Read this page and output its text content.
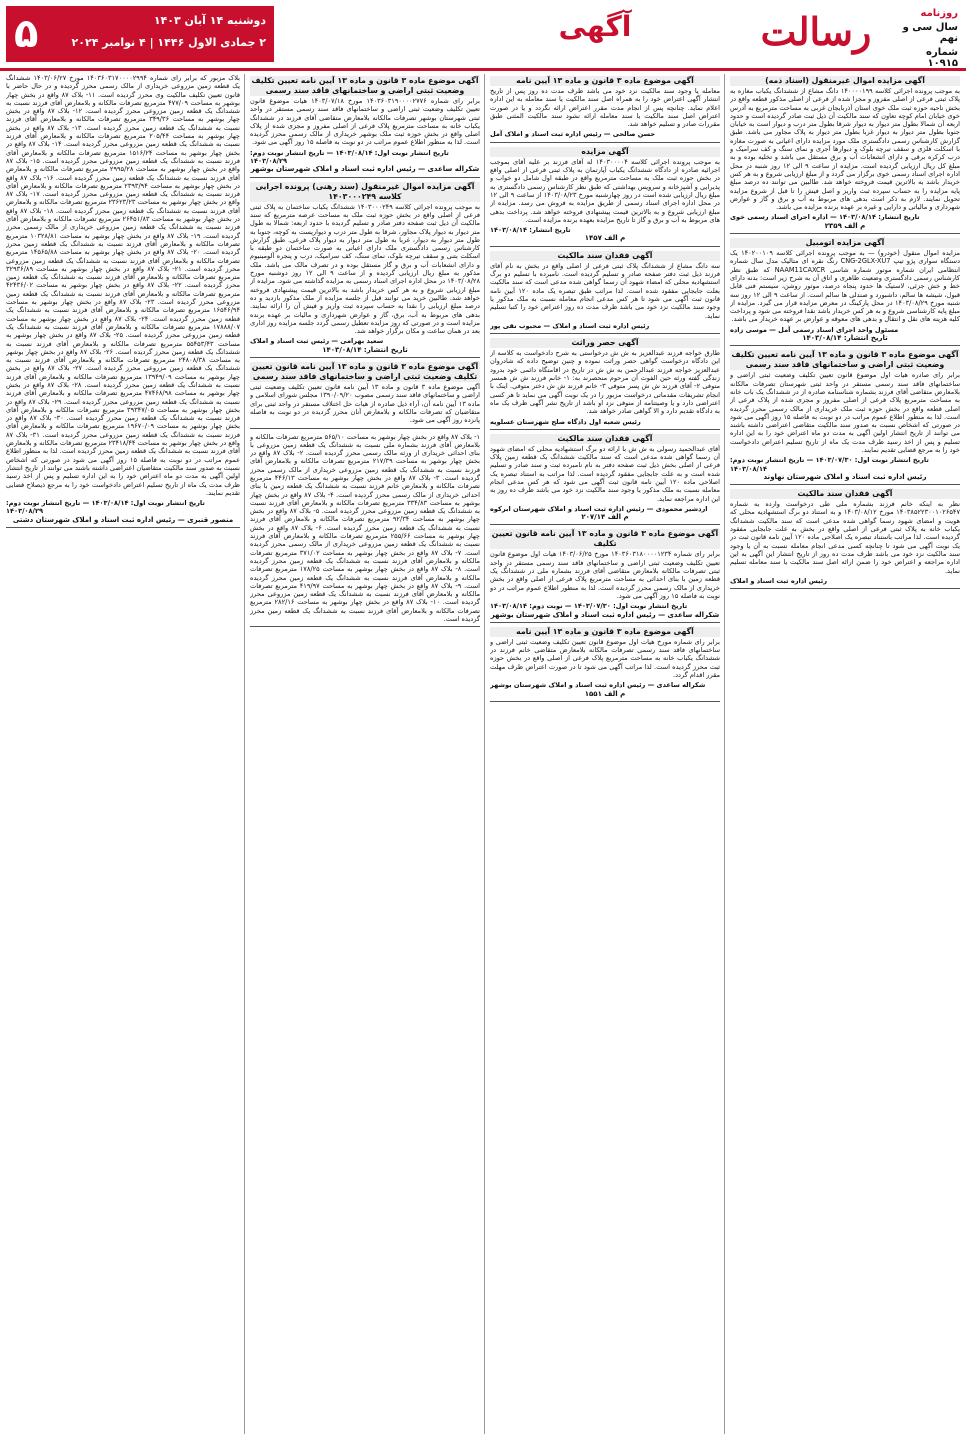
روزنامه
سال سی و نهم
شماره ۱۰۹۱۵
رسالت
آگهی
دوشنبه ۱۴ آبان ۱۴۰۳
۲ جمادی الاول ۱۴۴۶ | ۴ نوامبر ۲۰۲۴
۵
آگهی مزایده اموال غیرمنقول (اسناد ذمه)

به موجب پرونده اجرائی کلاسه ۱۴۰۰۰۰۱۹۹ دانگ مشاع از ششدانگ یکباب مغازه به پلاک ثبتی فرعی از اصلی مفروز و مجزا شده از فرعی از اصلی مذکور قطعه واقع در بخش ناحیه حوزه ثبت ملک خوی استان آذربایجان غربی به مساحت مترمربع به آدرس خوی خیابان امام کوچه تعاون که سند مالکیت آن ذیل ثبت صادر گردیده است و حدود اربعه آن شمالا بطول متر دیوار به دیوار شرقا بطول متر درب و دیوار است به خیابان جنوبا بطول متر دیوار به دیوار غربا بطول متر دیوار به پلاک مجاور می باشد. طبق گزارش کارشناس رسمی دادگستری ملک مورد مزایده دارای اعیانی به صورت مغازه با اسکلت فلزی و سقف تیرچه بلوک و دیوارها آجری و نمای سنگ و کف سرامیک و درب کرکره برقی و دارای انشعابات آب و برق مستقل می باشد و تخلیه بوده و به مبلغ کل ریال ارزیابی گردیده است. مزایده از ساعت ۹ الی ۱۲ روز شنبه در محل اداره اجرای اسناد رسمی خوی برگزار می گردد و از مبلغ ارزیابی شروع و به هر کس خریدار باشد به بالاترین قیمت فروخته خواهد شد. طالبین می توانند ده درصد مبلغ پایه مزایده را به حساب سپرده ثبت واریز و اصل فیش را تا قبل از شروع مزایده تحویل نمایند. لازم به ذکر است بدهی های مربوط به آب و برق و گاز و عوارض شهرداری و مالیاتی و دارایی و غیره بر عهده برنده مزایده می باشد.

تاریخ انتشار: ۱۴۰۳/۰۸/۱۴ — اداره اجرای اسناد رسمی خوی
م الف ۲۳۵۹
آگهی مزایده اتومبیل

مزایده اموال منقول (خودرو) — به موجب پرونده اجرائی کلاسه ۱۴۰۲۰۰۱۰۹ یک دستگاه سواری پژو تیپ CNG-2GLX-XU7 رنگ نقره ای متالیک مدل سال شماره انتظامی ایران شماره موتور شماره شاسی NAAM11CAXCR که طبق نظر کارشناس رسمی دادگستری وضعیت ظاهری و اتاق آن به شرح زیر است: بدنه دارای خط و خش جزئی، لاستیک ها حدود پنجاه درصد، موتور روشن، سیستم فنی قابل قبول، شیشه ها سالم، داشبورد و صندلی ها سالم است. از ساعت ۹ الی ۱۲ روز سه شنبه مورخ ۱۴۰۳/۰۸/۲۹ در محل پارکینگ در معرض مزایده قرار می گیرد. مزایده از مبلغ پایه کارشناسی شروع و به هر کس خریدار باشد نقدا فروخته می شود و پرداخت کلیه هزینه های نقل و انتقال و بدهی های معوقه و عوارض بر عهده خریدار می باشد.

مسئول واحد اجرای اسناد رسمی آمل — موسی زاده
تاریخ انتشار: ۱۴۰۳/۰۸/۱۴
آگهی موضوع ماده ۳ قانون و ماده ۱۳ آیین نامه تعیین تکلیف وضعیت ثبتی اراضی و ساختمانهای فاقد سند رسمی

برابر رای صادره هیات اول موضوع قانون تعیین تکلیف وضعیت ثبتی اراضی و ساختمانهای فاقد سند رسمی مستقر در واحد ثبتی شهرستان تصرفات مالکانه بلامعارض متقاضی آقای فرزند بشماره شناسنامه صادره از در ششدانگ یک باب خانه به مساحت مترمربع پلاک فرعی از اصلی مفروز و مجزی شده از پلاک فرعی از اصلی قطعه واقع در بخش حوزه ثبت ملک خریداری از مالک رسمی محرز گردیده است. لذا به منظور اطلاع عموم مراتب در دو نوبت به فاصله ۱۵ روز آگهی می شود در صورتی که اشخاص نسبت به صدور سند مالکیت متقاضی اعتراضی داشته باشند می توانند از تاریخ انتشار اولین آگهی به مدت دو ماه اعتراض خود را به این اداره تسلیم و پس از اخذ رسید ظرف مدت یک ماه از تاریخ تسلیم اعتراض دادخواست خود را به مرجع قضایی تقدیم نمایند.

تاریخ انتشار نوبت اول: ۱۴۰۳/۰۷/۳۰ — تاریخ انتشار نوبت دوم: ۱۴۰۳/۰۸/۱۴
رئیس اداره ثبت اسناد و املاک شهرستان نهاوند
آگهی فقدان سند مالکیت

نظر به اینکه خانم فرزند بشماره ملی طی درخواست وارده به شماره ۱۴۰۳۸۵۲۲۳۰۰۱۰۲۶۵۴۷ مورخ ۱۴۰۳/۰۸/۱۲ و به استناد دو برگ استشهادیه محلی که هویت و امضای شهود رسما گواهی شده مدعی است که سند مالکیت ششدانگ یکباب خانه به پلاک ثبتی فرعی از اصلی واقع در بخش به علت جابجایی مفقود گردیده است. لذا مراتب باستناد تبصره یک اصلاحی ماده ۱۲۰ آیین نامه قانون ثبت در یک نوبت آگهی می شود تا چنانچه کسی مدعی انجام معامله نسبت به آن یا وجود سند مالکیت نزد خود می باشد ظرف مدت ده روز از تاریخ انتشار این آگهی به این اداره مراجعه و اعتراض خود را ضمن ارائه اصل سند مالکیت یا سند معامله تسلیم نماید.

رئیس اداره ثبت اسناد و املاک
آگهی موضوع ماده ۳ قانون و ماده ۱۳ آیین نامه

معامله یا وجود سند مالکیت نزد خود می باشد ظرف مدت ده روز پس از تاریخ انتشار آگهی اعتراض خود را به همراه اصل سند مالکیت یا سند معامله به این اداره اعلام نماید. چنانچه پس از انجام مدت مقرر اعتراض ارائه نگردد و یا در صورت اعتراض اصل سند مالکیت یا سند معامله ارائه نشود سند مالکیت المثنی طبق مقررات صادر و تسلیم خواهد شد.

حسن صالحی — رئیس اداره ثبت اسناد و املاک آمل
آگهی مزایده

به موجب پرونده اجرائی کلاسه ۱۴۰۳۰۰۰۰۴ له آقای فرزند بر علیه آقای بموجب اجرائیه صادره از دادگاه ششدانگ یکباب آپارتمان به پلاک ثبتی فرعی از اصلی واقع در بخش حوزه ثبت ملک به مساحت مترمربع واقع در طبقه اول شامل دو خواب و پذیرایی و آشپزخانه و سرویس بهداشتی که طبق نظر کارشناس رسمی دادگستری به مبلغ ریال ارزیابی شده است در روز چهارشنبه مورخ ۱۴۰۳/۰۸/۲۳ از ساعت ۹ الی ۱۲ در محل اداره اجرای اسناد رسمی از طریق مزایده به فروش می رسد. مزایده از مبلغ ارزیابی شروع و به بالاترین قیمت پیشنهادی فروخته خواهد شد. پرداخت بدهی های مربوط به آب و برق و گاز تا تاریخ مزایده بعهده برنده مزایده است.

تاریخ انتشار: ۱۴۰۳/۰۸/۱۴
م الف ۱۴۵۷
آگهی فقدان سند مالکیت

سه دانگ مشاع از ششدانگ پلاک ثبتی فرعی از اصلی واقع در بخش به نام آقای فرزند ذیل ثبت دفتر صفحه صادر و تسلیم گردیده است. نامبرده با تسلیم دو برگ استشهادیه محلی که امضاء شهود آن رسما گواهی شده مدعی است که سند مالکیت بعلت جابجایی مفقود شده است. لذا مراتب طبق تبصره یک ماده ۱۲۰ آیین نامه قانون ثبت آگهی می شود تا هر کس مدعی انجام معامله نسبت به ملک مذکور یا وجود سند مالکیت نزد خود می باشد ظرف مدت ده روز اعتراض خود را کتبا تسلیم نماید.

رئیس اداره ثبت اسناد و املاک — محبوب نقی پور
آگهی حصر وراثت

طارق خواجه فرزند عبدالعزیز به ش ش درخواستی به شرح دادخواست به کلاسه از این دادگاه درخواست گواهی حصر وراثت نموده و چنین توضیح داده که شادروان عبدالعزیز خواجه فرزند عبدالرحمن به ش ش در تاریخ در اقامتگاه دائمی خود بدرود زندگی گفته ورثه حین الفوت آن مرحوم منحصرند به: ۱- خانم فرزند ش ش همسر متوفی ۲- آقای فرزند ش ش پسر متوفی ۳- خانم فرزند ش ش دختر متوفی. اینک با انجام تشریفات مقدماتی درخواست مزبور را در یک نوبت آگهی می نماید تا هر کسی اعتراضی دارد و یا وصیتنامه از متوفی نزد او باشد از تاریخ نشر آگهی ظرف یک ماه به دادگاه تقدیم دارد و الا گواهی صادر خواهد شد.

رئیس شعبه اول دادگاه صلح شهرستان عسلویه
آگهی فقدان سند مالکیت

آقای عبدالحمید رسولی به ش ش با ارائه دو برگ استشهادیه محلی که امضای شهود آن رسما گواهی شده مدعی است که سند مالکیت ششدانگ یک قطعه زمین پلاک فرعی از اصلی بخش ذیل ثبت صفحه دفتر به نام نامبرده ثبت و سند صادر و تسلیم شده است و به علت جابجایی مفقود گردیده است. لذا مراتب به استناد تبصره یک اصلاحی ماده ۱۲۰ آیین نامه قانون ثبت آگهی می شود که هر کس مدعی انجام معامله نسبت به ملک مذکور یا وجود سند مالکیت نزد خود می باشد ظرف ده روز به این اداره مراجعه نماید.

اردشیر محمودی — رئیس اداره ثبت اسناد و املاک شهرستان ابرکوه
م الف ۲۰۷/۱۴
آگهی موضوع ماده ۳ قانون و ماده ۱۳ آیین نامه قانون تعیین تکلیف

برابر رای شماره ۱۴۰۳۶۰۳۱۸۰۰۰۰۱۲۳۴ مورخ ۱۴۰۳/۰۶/۲۵ هیات اول موضوع قانون تعیین تکلیف وضعیت ثبتی اراضی و ساختمانهای فاقد سند رسمی مستقر در واحد ثبتی تصرفات مالکانه بلامعارض متقاضی آقای فرزند بشماره ملی در ششدانگ یک قطعه زمین با بنای احداثی به مساحت مترمربع پلاک فرعی از اصلی واقع در بخش خریداری از مالک رسمی محرز گردیده است. لذا به منظور اطلاع عموم مراتب در دو نوبت به فاصله ۱۵ روز آگهی می شود.

تاریخ انتشار نوبت اول: ۱۴۰۳/۰۷/۳۰ — نوبت دوم: ۱۴۰۳/۰۸/۱۴
شکراله ساعدی — رئیس اداره ثبت اسناد و املاک شهرستان بوشهر
آگهی موضوع ماده ۳ قانون و ماده ۱۳ آیین نامه

برابر رای شماره مورخ هیات اول موضوع قانون تعیین تکلیف وضعیت ثبتی اراضی و ساختمانهای فاقد سند رسمی تصرفات مالکانه بلامعارض متقاضی خانم فرزند در ششدانگ یکباب خانه به مساحت مترمربع پلاک فرعی از اصلی واقع در بخش حوزه ثبت محرز گردیده است. لذا مراتب آگهی می شود تا در صورت اعتراض ظرف مهلت مقرر اقدام گردد.

شکراله ساعدی — رئیس اداره ثبت اسناد و املاک شهرستان بوشهر
م الف ۱۵۵۱
آگهی موضوع ماده ۳ قانون و ماده ۱۳ آیین نامه تعیین تکلیف وضعیت ثبتی اراضی و ساختمانهای فاقد سند رسمی

برابر رای شماره ۱۴۰۳۶۰۳۱۹۰۰۰۰۲۷۷۶ مورخ ۱۴۰۳/۰۷/۱۸ هیات موضوع قانون تعیین تکلیف وضعیت ثبتی اراضی و ساختمانهای فاقد سند رسمی مستقر در واحد ثبتی شهرستان بوشهر تصرفات مالکانه بلامعارض متقاضی آقای فرزند در ششدانگ یکباب خانه به مساحت مترمربع پلاک فرعی از اصلی مفروز و مجزی شده از پلاک اصلی واقع در بخش حوزه ثبت ملک بوشهر خریداری از مالک رسمی محرز گردیده است. لذا به منظور اطلاع عموم مراتب در دو نوبت به فاصله ۱۵ روز آگهی می شود.

تاریخ انتشار نوبت اول: ۱۴۰۳/۰۸/۱۴ — تاریخ انتشار نوبت دوم: ۱۴۰۳/۰۸/۲۹
شکراله ساعدی — رئیس اداره ثبت اسناد و املاک شهرستان بوشهر
آگهی مزایده اموال غیرمنقول (سند رهنی) پرونده اجرایی کلاسه ۱۴۰۳۰۰۰۲۴۹

به موجب پرونده اجرائی کلاسه ۱۴۰۳۰۰۰۲۴۹ ششدانگ یکباب ساختمان به پلاک ثبتی فرعی از اصلی واقع در بخش حوزه ثبت ملک به مساحت عرصه مترمربع که سند مالکیت آن ذیل ثبت صفحه دفتر صادر و تسلیم گردیده با حدود اربعه: شمالا به طول متر دیوار به دیوار پلاک مجاور، شرقا به طول متر درب و دیواریست به کوچه، جنوبا به طول متر دیوار به دیوار، غربا به طول متر دیوار به دیوار پلاک فرعی. طبق گزارش کارشناس رسمی دادگستری ملک دارای اعیانی به صورت ساختمان دو طبقه با اسکلت بتنی و سقف تیرچه بلوک، نمای سنگ، کف سرامیک، درب و پنجره آلومینیوم و دارای انشعابات آب و برق و گاز مستقل بوده و در تصرف مالک می باشد. ملک مذکور به مبلغ ریال ارزیابی گردیده و از ساعت ۹ الی ۱۲ روز دوشنبه مورخ ۱۴۰۳/۰۸/۲۸ در محل اداره اجرای اسناد رسمی به مزایده گذاشته می شود. مزایده از مبلغ ارزیابی شروع و به هر کس خریدار باشد به بالاترین قیمت پیشنهادی فروخته خواهد شد. طالبین خرید می توانند قبل از جلسه مزایده از ملک مذکور بازدید و ده درصد مبلغ ارزیابی را نقدا به حساب سپرده ثبت واریز و فیش آن را ارائه نمایند. بدهی های مربوط به آب، برق، گاز و عوارض شهرداری و مالیات بر عهده برنده مزایده است و در صورتی که روز مزایده تعطیل رسمی گردد جلسه مزایده روز اداری بعد در همان ساعت و مکان برگزار خواهد شد.

سعید بهرامی — رئیس ثبت اسناد و املاک
تاریخ انتشار: ۱۴۰۳/۰۸/۱۴
آگهی موضوع ماده ۳ قانون و ماده ۱۳ آیین نامه قانون تعیین تکلیف وضعیت ثبتی اراضی و ساختمانهای فاقد سند رسمی

آگهی موضوع ماده ۳ قانون و ماده ۱۳ آیین نامه قانون تعیین تکلیف وضعیت ثبتی اراضی و ساختمانهای فاقد سند رسمی مصوب ۱۳۹۰/۰۹/۲۰ مجلس شورای اسلامی و ماده ۱۳ آیین نامه آن، آراء ذیل صادره از هیات حل اختلاف مستقر در واحد ثبتی برای متقاضیان که تصرفات مالکانه و بلامعارض آنان محرز گردیده در دو نوبت به فاصله پانزده روز آگهی می شود.

۱- بلاک ۸۷ واقع در بخش چهار بوشهر به مساحت ۵۶۵/۱۰ مترمربع تصرفات مالکانه و بلامعارض آقای فرزند بشماره ملی نسبت به ششدانگ یک قطعه زمین مزروعی با بنای احداثی خریداری از ورثه مالک رسمی محرز گردیده است. ۲- بلاک ۸۷ واقع در بخش چهار بوشهر به مساحت ۲۱۷/۳۹ مترمربع تصرفات مالکانه و بلامعارض آقای فرزند نسبت به ششدانگ یک قطعه زمین مزروعی خریداری از مالک رسمی محرز گردیده است. ۳- بلاک ۸۷ واقع در بخش چهار بوشهر به مساحت ۴۴۶/۱۳ مترمربع تصرفات مالکانه و بلامعارض خانم فرزند نسبت به ششدانگ یک قطعه زمین با بنای احداثی خریداری از مالک رسمی محرز گردیده است. ۴- بلاک ۸۷ واقع در بخش چهار بوشهر به مساحت ۳۳۴/۸۳ مترمربع تصرفات مالکانه و بلامعارض آقای فرزند نسبت به ششدانگ یک قطعه زمین مزروعی محرز گردیده است. ۵- بلاک ۸۷ واقع در بخش چهار بوشهر به مساحت ۹۲/۳۴ مترمربع تصرفات مالکانه و بلامعارض آقای فرزند نسبت به ششدانگ یک قطعه زمین محرز گردیده است. ۶- بلاک ۸۷ واقع در بخش چهار بوشهر به مساحت ۲۵۵/۶۶ مترمربع تصرفات مالکانه و بلامعارض آقای فرزند نسبت به ششدانگ یک قطعه زمین مزروعی خریداری از مالک رسمی محرز گردیده است. ۷- بلاک ۸۷ واقع در بخش چهار بوشهر به مساحت ۳۷۱/۰۲ مترمربع تصرفات مالکانه و بلامعارض آقای فرزند نسبت به ششدانگ یک قطعه زمین محرز گردیده است. ۸- بلاک ۸۷ واقع در بخش چهار بوشهر به مساحت ۱۷۸/۲۵ مترمربع تصرفات مالکانه و بلامعارض آقای فرزند نسبت به ششدانگ یک قطعه زمین محرز گردیده است. ۹- بلاک ۸۷ واقع در بخش چهار بوشهر به مساحت ۴۱۹/۹۷ مترمربع تصرفات مالکانه و بلامعارض آقای فرزند نسبت به ششدانگ یک قطعه زمین مزروعی محرز گردیده است. ۱۰- بلاک ۸۷ واقع در بخش چهار بوشهر به مساحت ۲۸۲/۱۶ مترمربع تصرفات مالکانه و بلامعارض آقای فرزند نسبت به ششدانگ یک قطعه زمین محرز گردیده است.

بلاک مزبور که برابر رای شماره ۱۴۰۳۶۰۳۱۷۰۰۰۰۲۹۹۴ مورخ ۱۴۰۳/۰۶/۲۷ ششدانگ یک قطعه زمین مزروعی خریداری از مالک رسمی محرز گردیده و در حال حاضر با قانون تعیین تکلیف مالکیت وی محرز گردیده است. ۱۱- بلاک ۸۷ واقع در بخش چهار بوشهر به مساحت ۴۷۷/۰۹ مترمربع تصرفات مالکانه و بلامعارض آقای فرزند نسبت به ششدانگ یک قطعه زمین مزروعی محرز گردیده است. ۱۲- بلاک ۸۷ واقع در بخش چهار بوشهر به مساحت ۳۴۹/۳۶ مترمربع تصرفات مالکانه و بلامعارض آقای فرزند نسبت به ششدانگ یک قطعه زمین محرز گردیده است. ۱۳- بلاک ۸۷ واقع در بخش چهار بوشهر به مساحت ۲۰۵/۴۴ مترمربع تصرفات مالکانه و بلامعارض آقای فرزند نسبت به ششدانگ یک قطعه زمین مزروعی محرز گردیده است. ۱۴- بلاک ۸۷ واقع در بخش چهار بوشهر به مساحت ۱۵۱۶/۲۴ مترمربع تصرفات مالکانه و بلامعارض آقای فرزند نسبت به ششدانگ یک قطعه زمین مزروعی محرز گردیده است. ۱۵- بلاک ۸۷ واقع در بخش چهار بوشهر به مساحت ۲۹۹۵/۲۸ مترمربع تصرفات مالکانه و بلامعارض آقای فرزند نسبت به ششدانگ یک قطعه زمین محرز گردیده است. ۱۶- بلاک ۸۷ واقع در بخش چهار بوشهر به مساحت ۲۳۹۳/۹۴ مترمربع تصرفات مالکانه و بلامعارض آقای فرزند نسبت به ششدانگ یک قطعه زمین مزروعی محرز گردیده است. ۱۷- بلاک ۸۷ واقع در بخش چهار بوشهر به مساحت ۲۳۶۲۳/۲۳ مترمربع تصرفات مالکانه و بلامعارض آقای فرزند نسبت به ششدانگ یک قطعه زمین محرز گردیده است. ۱۸- بلاک ۸۷ واقع در بخش چهار بوشهر به مساحت ۲۶۴۵۱/۸۳ مترمربع تصرفات مالکانه و بلامعارض آقای فرزند نسبت به ششدانگ یک قطعه زمین مزروعی خریداری از مالک رسمی محرز گردیده است. ۱۹- بلاک ۸۷ واقع در بخش چهار بوشهر به مساحت ۱۰۳۲۸/۸۱ مترمربع تصرفات مالکانه و بلامعارض آقای فرزند نسبت به ششدانگ یک قطعه زمین محرز گردیده است. ۲۰- بلاک ۸۷ واقع در بخش چهار بوشهر به مساحت ۱۴۵۶۵/۸۸ مترمربع تصرفات مالکانه و بلامعارض آقای فرزند نسبت به ششدانگ یک قطعه زمین مزروعی محرز گردیده است. ۲۱- بلاک ۸۷ واقع در بخش چهار بوشهر به مساحت ۳۲۹۳۶/۸۹ مترمربع تصرفات مالکانه و بلامعارض آقای فرزند نسبت به ششدانگ یک قطعه زمین محرز گردیده است. ۲۲- بلاک ۸۷ واقع در بخش چهار بوشهر به مساحت ۴۲۴۳۶/۰۲ مترمربع تصرفات مالکانه و بلامعارض آقای فرزند نسبت به ششدانگ یک قطعه زمین مزروعی محرز گردیده است. ۲۳- بلاک ۸۷ واقع در بخش چهار بوشهر به مساحت ۱۶۵۴۶/۹۴ مترمربع تصرفات مالکانه و بلامعارض آقای فرزند نسبت به ششدانگ یک قطعه زمین محرز گردیده است. ۲۴- بلاک ۸۷ واقع در بخش چهار بوشهر به مساحت ۱۷۸۸۸/۰۷ مترمربع تصرفات مالکانه و بلامعارض آقای فرزند نسبت به ششدانگ یک قطعه زمین مزروعی محرز گردیده است. ۲۵- بلاک ۸۷ واقع در بخش چهار بوشهر به مساحت ۵۵۴۵۳/۴۳ مترمربع تصرفات مالکانه و بلامعارض آقای فرزند نسبت به ششدانگ یک قطعه زمین محرز گردیده است. ۲۶- بلاک ۸۷ واقع در بخش چهار بوشهر به مساحت ۲۴۸۰۸/۳۸ مترمربع تصرفات مالکانه و بلامعارض آقای فرزند نسبت به ششدانگ یک قطعه زمین مزروعی محرز گردیده است. ۲۷- بلاک ۸۷ واقع در بخش چهار بوشهر به مساحت ۱۳۹۴۹/۰۹ مترمربع تصرفات مالکانه و بلامعارض آقای فرزند نسبت به ششدانگ یک قطعه زمین محرز گردیده است. ۲۸- بلاک ۸۷ واقع در بخش چهار بوشهر به مساحت ۴۷۴۶۸/۹۸ مترمربع تصرفات مالکانه و بلامعارض آقای فرزند نسبت به ششدانگ یک قطعه زمین مزروعی محرز گردیده است. ۲۹- بلاک ۸۷ واقع در بخش چهار بوشهر به مساحت ۳۹۳۴۷/۰۵ مترمربع تصرفات مالکانه و بلامعارض آقای فرزند نسبت به ششدانگ یک قطعه زمین محرز گردیده است. ۳۰- بلاک ۸۷ واقع در بخش چهار بوشهر به مساحت ۱۹۶۷۰/۰۹ مترمربع تصرفات مالکانه و بلامعارض آقای فرزند نسبت به ششدانگ یک قطعه زمین مزروعی محرز گردیده است. ۳۱- بلاک ۸۷ واقع در بخش چهار بوشهر به مساحت ۲۳۴۱۸/۴۴ مترمربع تصرفات مالکانه و بلامعارض آقای فرزند نسبت به ششدانگ یک قطعه زمین محرز گردیده است. لذا به منظور اطلاع عموم مراتب در دو نوبت به فاصله ۱۵ روز آگهی می شود در صورتی که اشخاص نسبت به صدور سند مالکیت متقاضیان اعتراضی داشته باشند می توانند از تاریخ انتشار اولین آگهی به مدت دو ماه اعتراض خود را به این اداره تسلیم و پس از اخذ رسید ظرف مدت یک ماه از تاریخ تسلیم اعتراض دادخواست خود را به مرجع ذیصلاح قضایی تقدیم نمایند.

تاریخ انتشار نوبت اول: ۱۴۰۳/۰۸/۱۴ — تاریخ انتشار نوبت دوم: ۱۴۰۳/۰۸/۲۹
منصور قنبری — رئیس اداره ثبت اسناد و املاک شهرستان دشتی
